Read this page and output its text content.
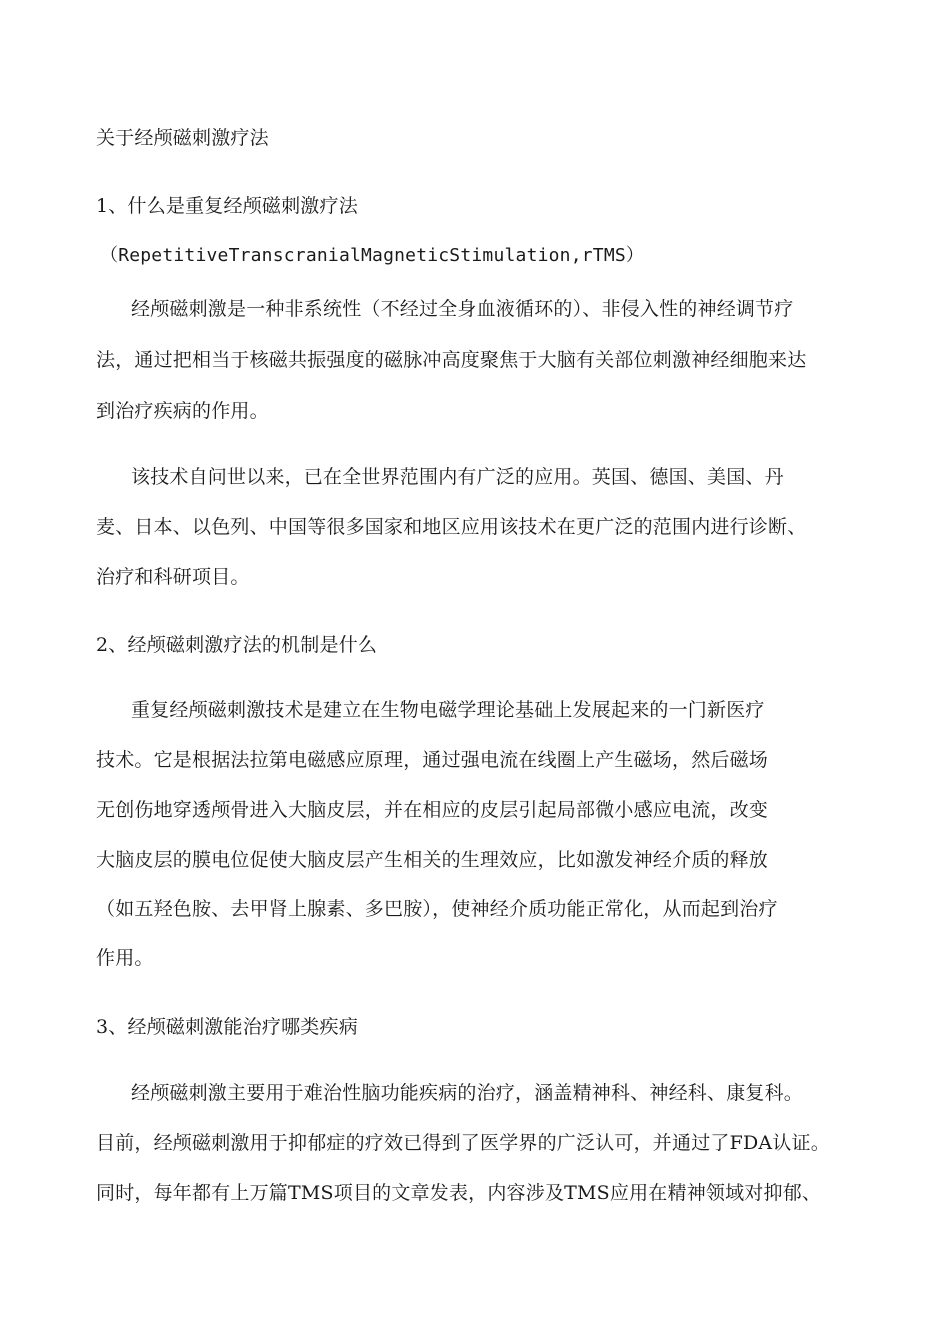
关于经颅磁刺激疗法
1、什么是重复经颅磁刺激疗法
（RepetitiveTranscranialMagneticStimulation,rTMS）
经颅磁刺激是一种非系统性（不经过全身血液循环的）、非侵入性的神经调节疗
法，通过把相当于核磁共振强度的磁脉冲高度聚焦于大脑有关部位刺激神经细胞来达
到治疗疾病的作用。
该技术自问世以来，已在全世界范围内有广泛的应用。英国、德国、美国、丹
麦、日本、以色列、中国等很多国家和地区应用该技术在更广泛的范围内进行诊断、
治疗和科研项目。
2、经颅磁刺激疗法的机制是什么
重复经颅磁刺激技术是建立在生物电磁学理论基础上发展起来的一门新医疗
技术。它是根据法拉第电磁感应原理，通过强电流在线圈上产生磁场，然后磁场
无创伤地穿透颅骨进入大脑皮层，并在相应的皮层引起局部微小感应电流，改变
大脑皮层的膜电位促使大脑皮层产生相关的生理效应，比如激发神经介质的释放
（如五羟色胺、去甲肾上腺素、多巴胺），使神经介质功能正常化，从而起到治疗
作用。
3、经颅磁刺激能治疗哪类疾病
经颅磁刺激主要用于难治性脑功能疾病的治疗，涵盖精神科、神经科、康复科。
目前，经颅磁刺激用于抑郁症的疗效已得到了医学界的广泛认可，并通过了FDA认证。
同时，每年都有上万篇TMS项目的文章发表，内容涉及TMS应用在精神领域对抑郁、
